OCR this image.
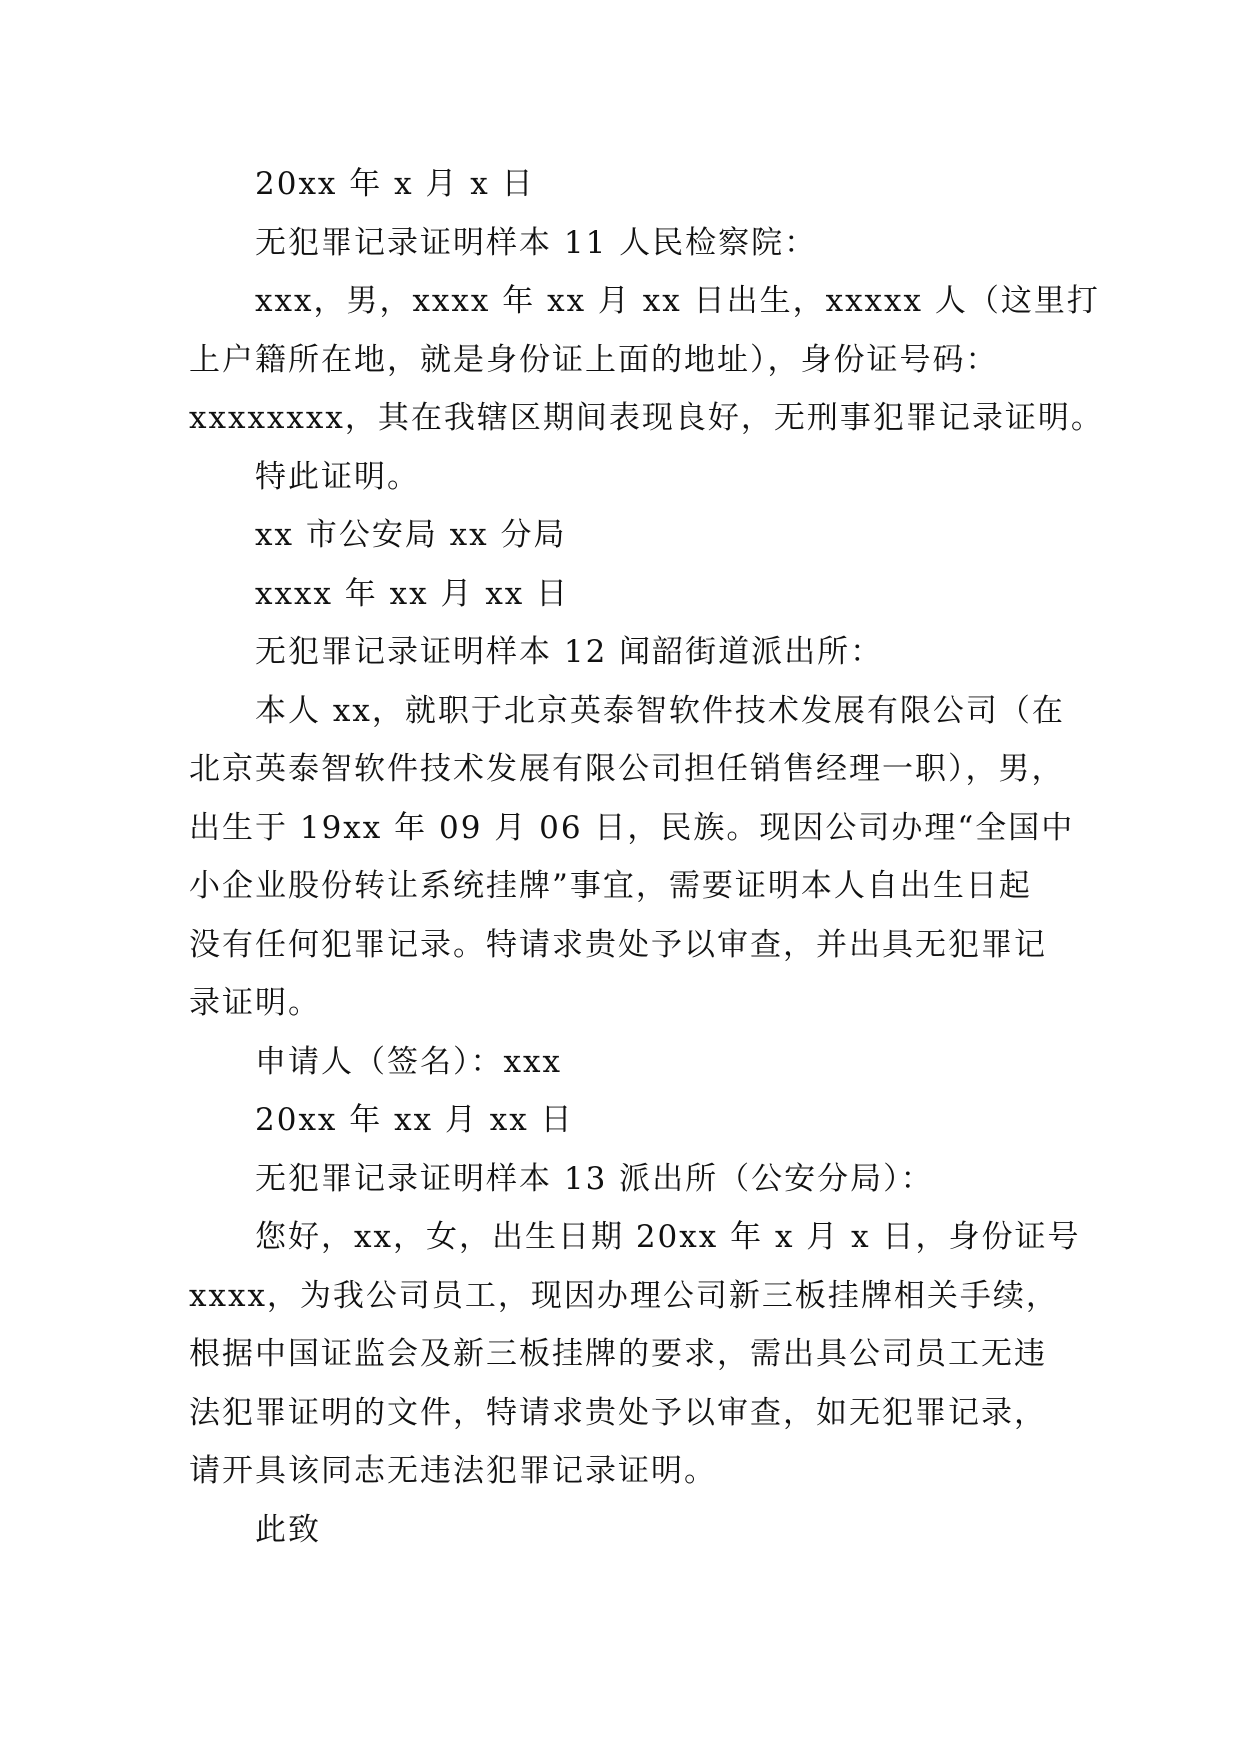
20xx 年 x 月 x 日

无犯罪记录证明样本 11 人民检察院：

xxx，男，xxxx 年 xx 月 xx 日出生，xxxxx 人（这里打

上户籍所在地，就是身份证上面的地址），身份证号码：

xxxxxxxx，其在我辖区期间表现良好，无刑事犯罪记录证明。

特此证明。

xx 市公安局 xx 分局

xxxx 年 xx 月 xx 日

无犯罪记录证明样本 12 闻韶街道派出所：

本人 xx，就职于北京英泰智软件技术发展有限公司（在

北京英泰智软件技术发展有限公司担任销售经理一职），男，

出生于 19xx 年 09 月 06 日，民族。现因公司办理“全国中

小企业股份转让系统挂牌”事宜，需要证明本人自出生日起

没有任何犯罪记录。特请求贵处予以审查，并出具无犯罪记

录证明。

申请人（签名）：xxx

20xx 年 xx 月 xx 日

无犯罪记录证明样本 13 派出所（公安分局）：

您好，xx，女，出生日期 20xx 年 x 月 x 日，身份证号

xxxx，为我公司员工，现因办理公司新三板挂牌相关手续，

根据中国证监会及新三板挂牌的要求，需出具公司员工无违

法犯罪证明的文件，特请求贵处予以审查，如无犯罪记录，

请开具该同志无违法犯罪记录证明。

此致
